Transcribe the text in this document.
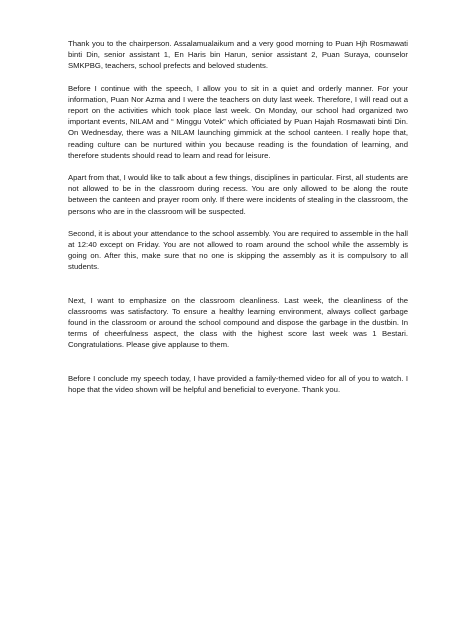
Thank you to the chairperson. Assalamualaikum and a very good morning to Puan Hjh Rosmawati binti Din, senior assistant 1, En Haris bin Harun, senior assistant 2, Puan Suraya, counselor SMKPBG, teachers, school prefects and beloved students.

Before I continue with the speech, I allow you to sit in a quiet and orderly manner. For your information, Puan Nor Azma and I were the teachers on duty last week. Therefore, I will read out a report on the activities which took place last week. On Monday, our school had organized two important events, NILAM and “ Minggu Votek” which officiated by Puan Hajah Rosmawati binti Din. On Wednesday, there was a NILAM launching gimmick at the school canteen. I really hope that, reading culture can be nurtured within you because reading is the foundation of learning, and therefore students should read to learn and read for leisure.

Apart from that, I would like to talk about a few things, disciplines in particular. First, all students are not allowed to be in the classroom during recess. You are only allowed to be along the route between the canteen and prayer room only. If there were incidents of stealing in the classroom, the persons who are in the classroom will be suspected.

Second, it is about your attendance to the school assembly. You are required to assemble in the hall at 12:40 except on Friday. You are not allowed to roam around the school while the assembly is going on. After this, make sure that no one is skipping the assembly as it is compulsory to all students.

Next, I want to emphasize on the classroom cleanliness. Last week, the cleanliness of the classrooms was satisfactory. To ensure a healthy learning environment, always collect garbage found in the classroom or around the school compound and dispose the garbage in the dustbin. In terms of cheerfulness aspect, the class with the highest score last week was 1 Bestari. Congratulations. Please give applause to them.

Before I conclude my speech today, I have provided a family-themed video for all of you to watch. I hope that the video shown will be helpful and beneficial to everyone. Thank you.
